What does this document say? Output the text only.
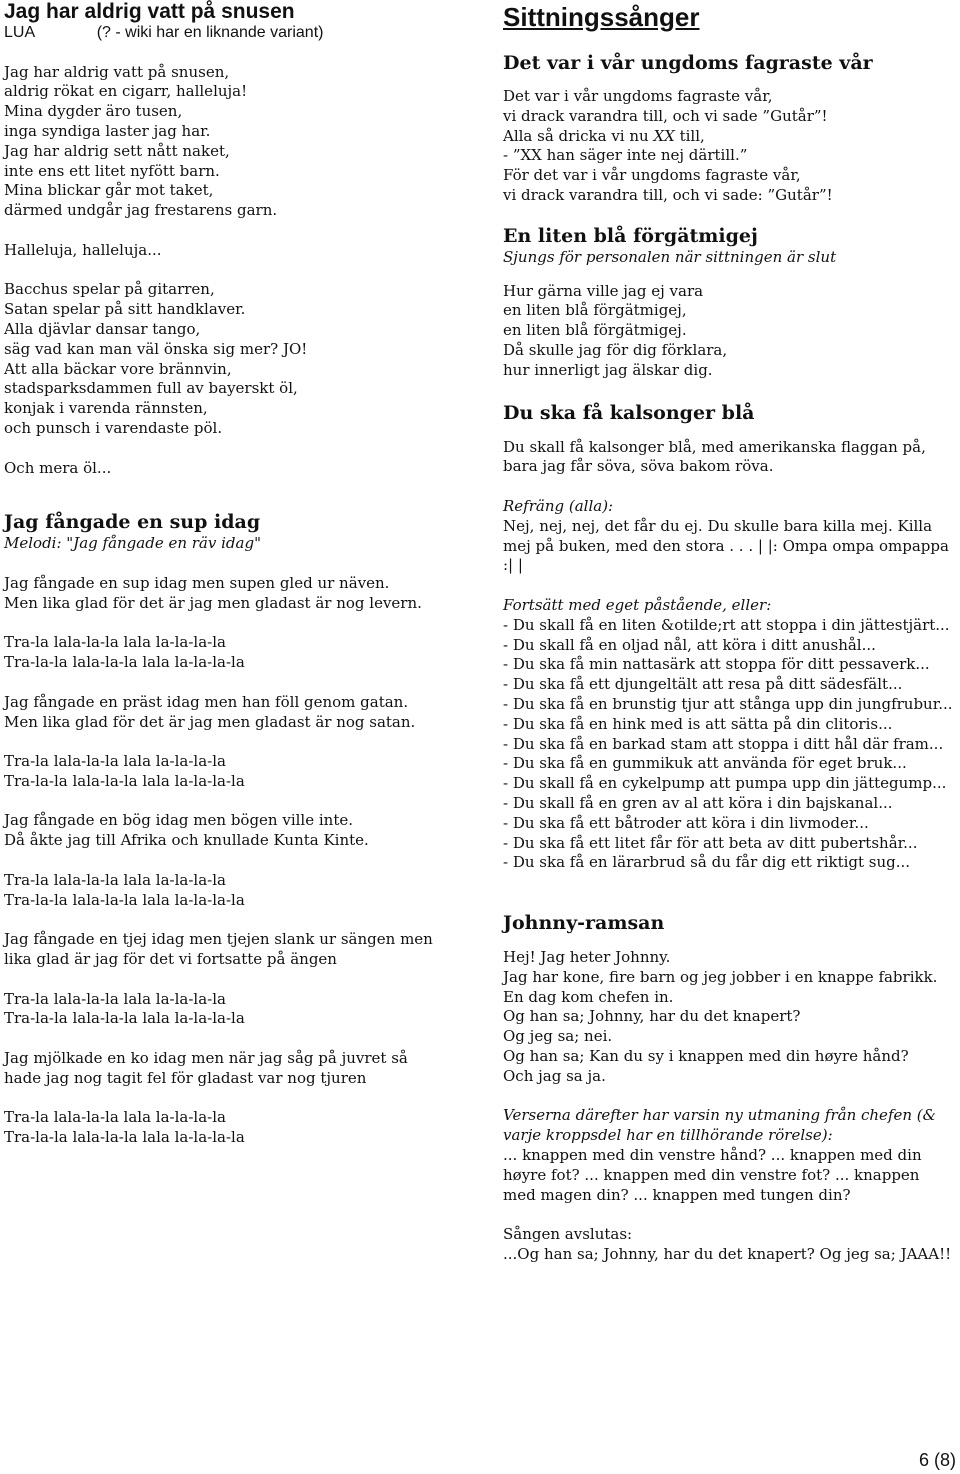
Jag har aldrig vatt på snusen
LUA	(? - wiki har en liknande variant)
Jag har aldrig vatt på snusen,
aldrig rökat en cigarr, halleluja!
Mina dygder äro tusen,
inga syndiga laster jag har.
Jag har aldrig sett nått naket,
inte ens ett litet nyfött barn.
Mina blickar går mot taket,
därmed undgår jag frestarens garn.
Halleluja, halleluja...
Bacchus spelar på gitarren,
Satan spelar på sitt handklaver.
Alla djävlar dansar tango,
säg vad kan man väl önska sig mer? JO!
Att alla bäckar vore brännvin,
stadsparksdammen full av bayerskt öl,
konjak i varenda rännsten,
och punsch i varendaste pöl.
Och mera öl...
Jag fångade en sup idag
Melodi: "Jag fångade en räv idag"
Jag fångade en sup idag men supen gled ur näven.
Men lika glad för det är jag men gladast är nog levern.
Tra-la lala-la-la lala la-la-la-la
Tra-la-la lala-la-la lala la-la-la-la
Jag fångade en präst idag men han föll genom gatan.
Men lika glad för det är jag men gladast är nog satan.
Tra-la lala-la-la lala la-la-la-la
Tra-la-la lala-la-la lala la-la-la-la
Jag fångade en bög idag men bögen ville inte.
Då åkte jag till Afrika och knullade Kunta Kinte.
Tra-la lala-la-la lala la-la-la-la
Tra-la-la lala-la-la lala la-la-la-la
Jag fångade en tjej idag men tjejen slank ur sängen men
lika glad är jag för det vi fortsatte på ängen
Tra-la lala-la-la lala la-la-la-la
Tra-la-la lala-la-la lala la-la-la-la
Jag mjölkade en ko idag men när jag såg på juvret så
hade jag nog tagit fel för gladast var nog tjuren
Tra-la lala-la-la lala la-la-la-la
Tra-la-la lala-la-la lala la-la-la-la
Sittningssånger
Det var i vår ungdoms fagraste vår
Det var i vår ungdoms fagraste vår,
vi drack varandra till, och vi sade ”Gutår”!
Alla så dricka vi nu XX till,
- ”XX han säger inte nej därtill.”
För det var i vår ungdoms fagraste vår,
vi drack varandra till, och vi sade: ”Gutår”!
En liten blå förgätmigej
Sjungs för personalen när sittningen är slut
Hur gärna ville jag ej vara
en liten blå förgätmigej,
en liten blå förgätmigej.
Då skulle jag för dig förklara,
hur innerligt jag älskar dig.
Du ska få kalsonger blå
Du skall få kalsonger blå, med amerikanska flaggan på, bara jag får söva, söva bakom röva.
Refräng (alla):
Nej, nej, nej, det får du ej. Du skulle bara killa mej. Killa mej på buken, med den stora . . . | |: Ompa ompa ompappa :| |
Fortsätt med eget påstående, eller:
- Du skall få en liten &otilde;rt att stoppa i din jättestjärt...
- Du skall få en oljad nål, att köra i ditt anushål...
- Du ska få min nattasärk att stoppa för ditt pessaverk...
- Du ska få ett djungeltält att resa på ditt sädesfält...
- Du ska få en brunstig tjur att stånga upp din jungfrubur...
- Du ska få en hink med is att sätta på din clitoris...
- Du ska få en barkad stam att stoppa i ditt hål där fram...
- Du ska få en gummikuk att använda för eget bruk...
- Du skall få en cykelpump att pumpa upp din jättegump...
- Du skall få en gren av al att köra i din bajskanal...
- Du ska få ett båtroder att köra i din livmoder...
- Du ska få ett litet får för att beta av ditt pubertshår...
- Du ska få en lärarbrud så du får dig ett riktigt sug...
Johnny-ramsan
Hej! Jag heter Johnny.
Jag har kone, fire barn og jeg jobber i en knappe fabrikk.
En dag kom chefen in.
Og han sa; Johnny, har du det knapert?
Og jeg sa; nei.
Og han sa; Kan du sy i knappen med din høyre hånd?
Och jag sa ja.
Verserna därefter har varsin ny utmaning från chefen (& varje kroppsdel har en tillhörande rörelse):
... knappen med din venstre hånd? ... knappen med din høyre fot? ... knappen med din venstre fot? ... knappen med magen din? ... knappen med tungen din?
Sången avslutas:
...Og han sa; Johnny, har du det knapert? Og jeg sa; JAAA!!
6 (8)
